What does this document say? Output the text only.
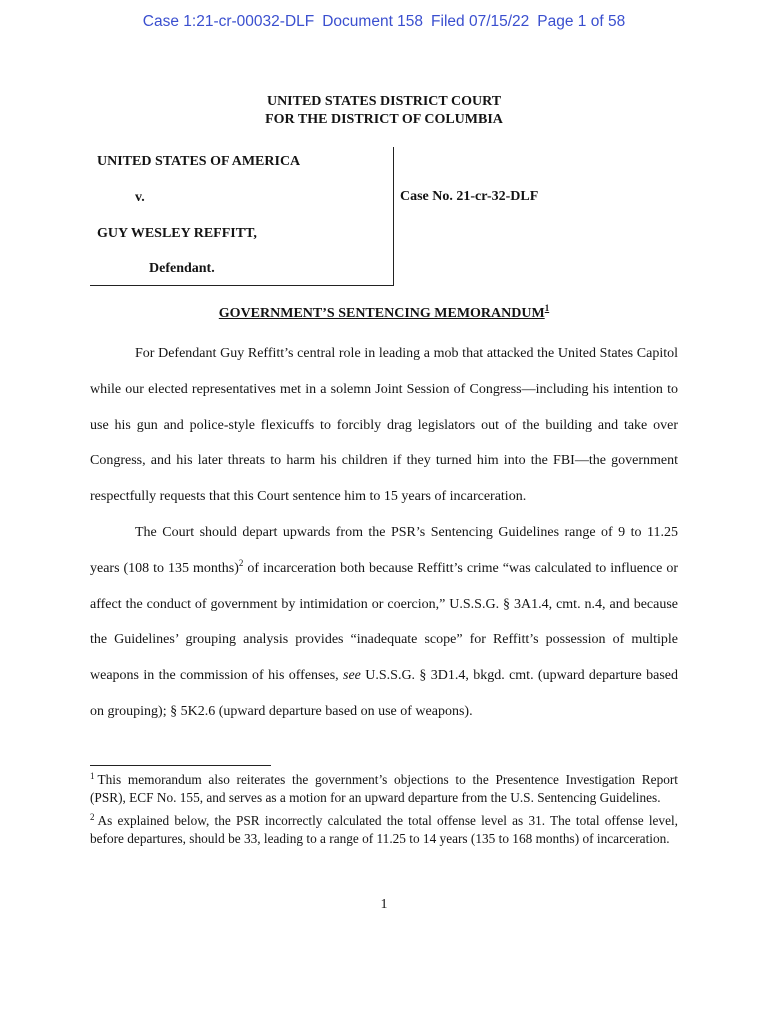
Case 1:21-cr-00032-DLF Document 158 Filed 07/15/22 Page 1 of 58
UNITED STATES DISTRICT COURT
FOR THE DISTRICT OF COLUMBIA
UNITED STATES OF AMERICA
v.
GUY WESLEY REFFITT,
Defendant.
Case No. 21-cr-32-DLF
GOVERNMENT’S SENTENCING MEMORANDUM$^1$

For Defendant Guy Reffitt’s central role in leading a mob that attacked the United States Capitol while our elected representatives met in a solemn Joint Session of Congress—including his intention to use his gun and police-style flexicuffs to forcibly drag legislators out of the building and take over Congress, and his later threats to harm his children if they turned him into the FBI—the government respectfully requests that this Court sentence him to 15 years of incarceration.

The Court should depart upwards from the PSR’s Sentencing Guidelines range of 9 to 11.25 years (108 to 135 months)$^2$ of incarceration both because Reffitt’s crime “was calculated to influence or affect the conduct of government by intimidation or coercion,” U.S.S.G. § 3A1.4, cmt. n.4, and because the Guidelines’ grouping analysis provides “inadequate scope” for Reffitt’s possession of multiple weapons in the commission of his offenses, see U.S.S.G. § 3D1.4, bkgd. cmt. (upward departure based on grouping); § 5K2.6 (upward departure based on use of weapons).

$^1$ This memorandum also reiterates the government’s objections to the Presentence Investigation Report (PSR), ECF No. 155, and serves as a motion for an upward departure from the U.S. Sentencing Guidelines.
$^2$ As explained below, the PSR incorrectly calculated the total offense level as 31. The total offense level, before departures, should be 33, leading to a range of 11.25 to 14 years (135 to 168 months) of incarceration.
1
